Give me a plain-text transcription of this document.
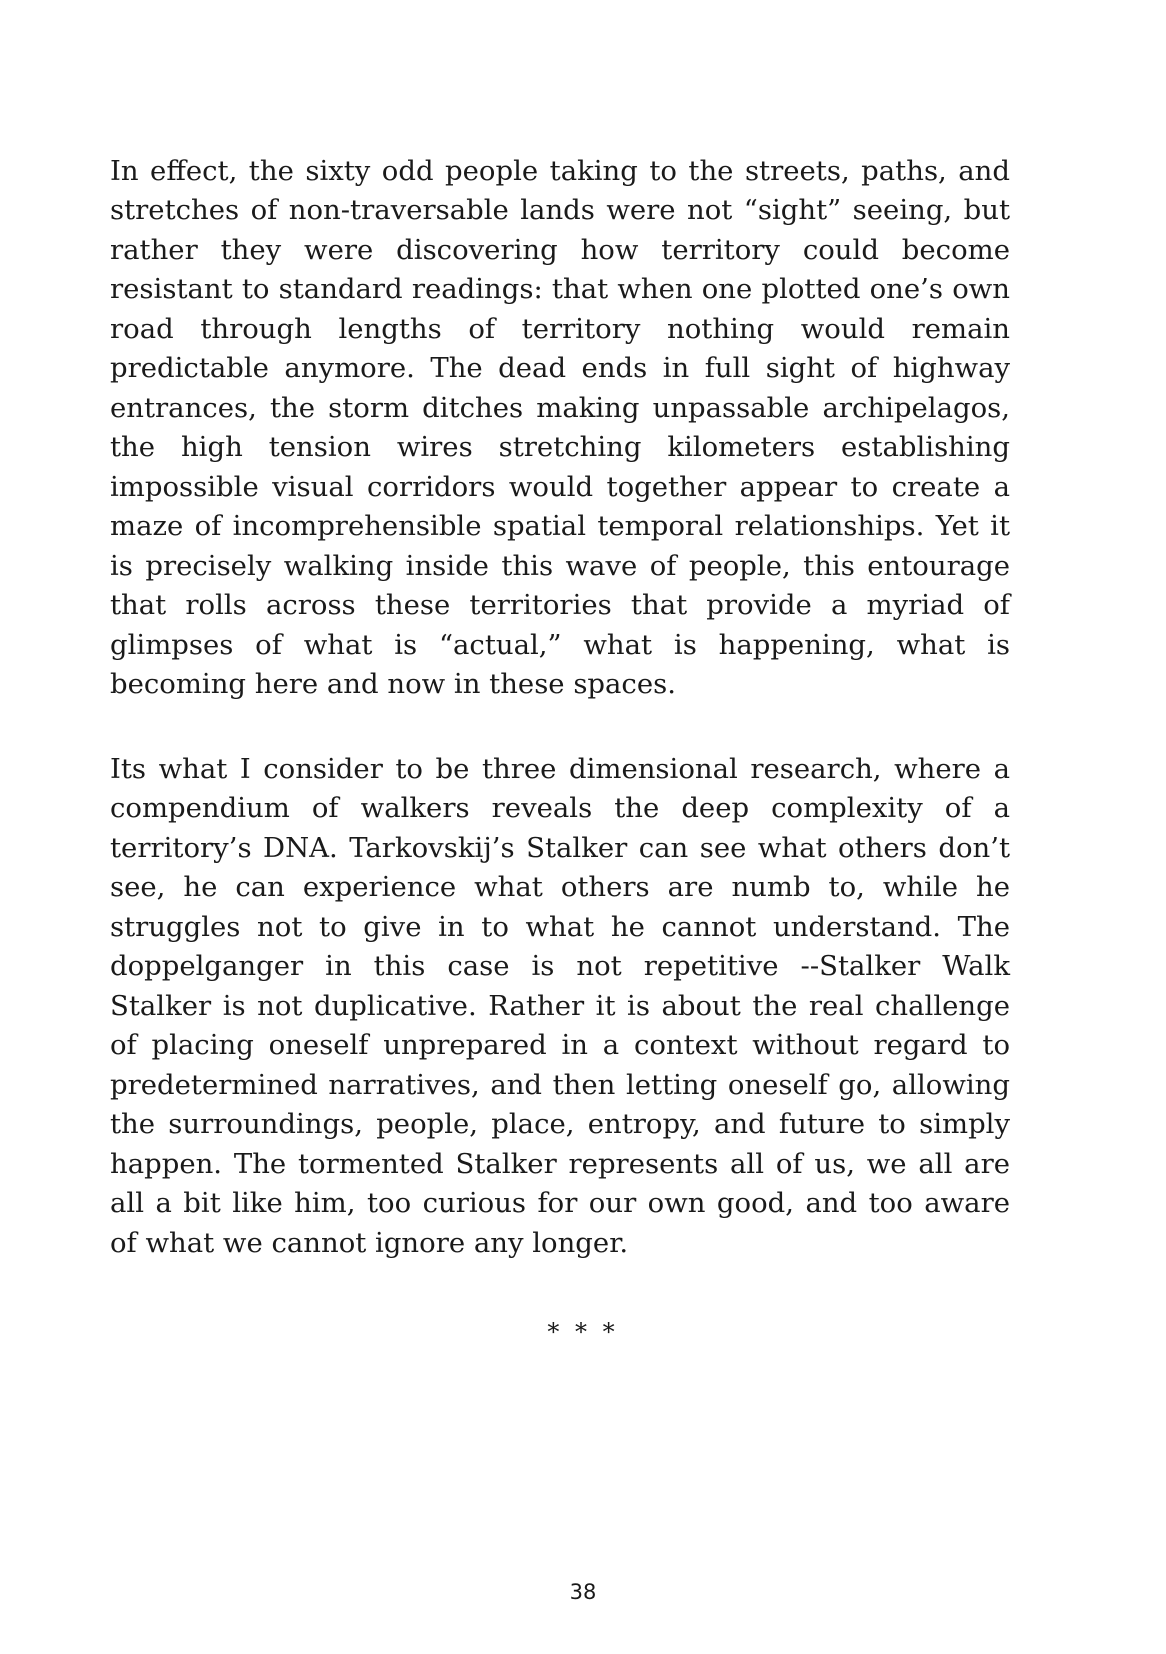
In effect, the sixty odd people taking to the streets, paths, and stretches of non-traversable lands were not “sight” seeing, but rather they were discovering how territory could become resistant to standard readings: that when one plotted one’s own road through lengths of territory nothing would remain predictable anymore. The dead ends in full sight of highway entrances, the storm ditches making unpassable archipelagos, the high tension wires stretching kilometers establishing impossible visual corridors would together appear to create a maze of incomprehensible spatial temporal relationships. Yet it is precisely walking inside this wave of people, this entourage that rolls across these territories that provide a myriad of glimpses of what is “actual,” what is happening, what is becoming here and now in these spaces.

Its what I consider to be three dimensional research, where a compendium of walkers reveals the deep complexity of a territory’s DNA. Tarkovskij’s Stalker can see what others don’t see, he can experience what others are numb to, while he struggles not to give in to what he cannot understand. The doppelganger in this case is not repetitive --Stalker Walk Stalker is not duplicative. Rather it is about the real challenge of placing oneself unprepared in a context without regard to predetermined narratives, and then letting oneself go, allowing the surroundings, people, place, entropy, and future to simply happen. The tormented Stalker represents all of us, we all are all a bit like him, too curious for our own good, and too aware of what we cannot ignore any longer.

* * *
38
